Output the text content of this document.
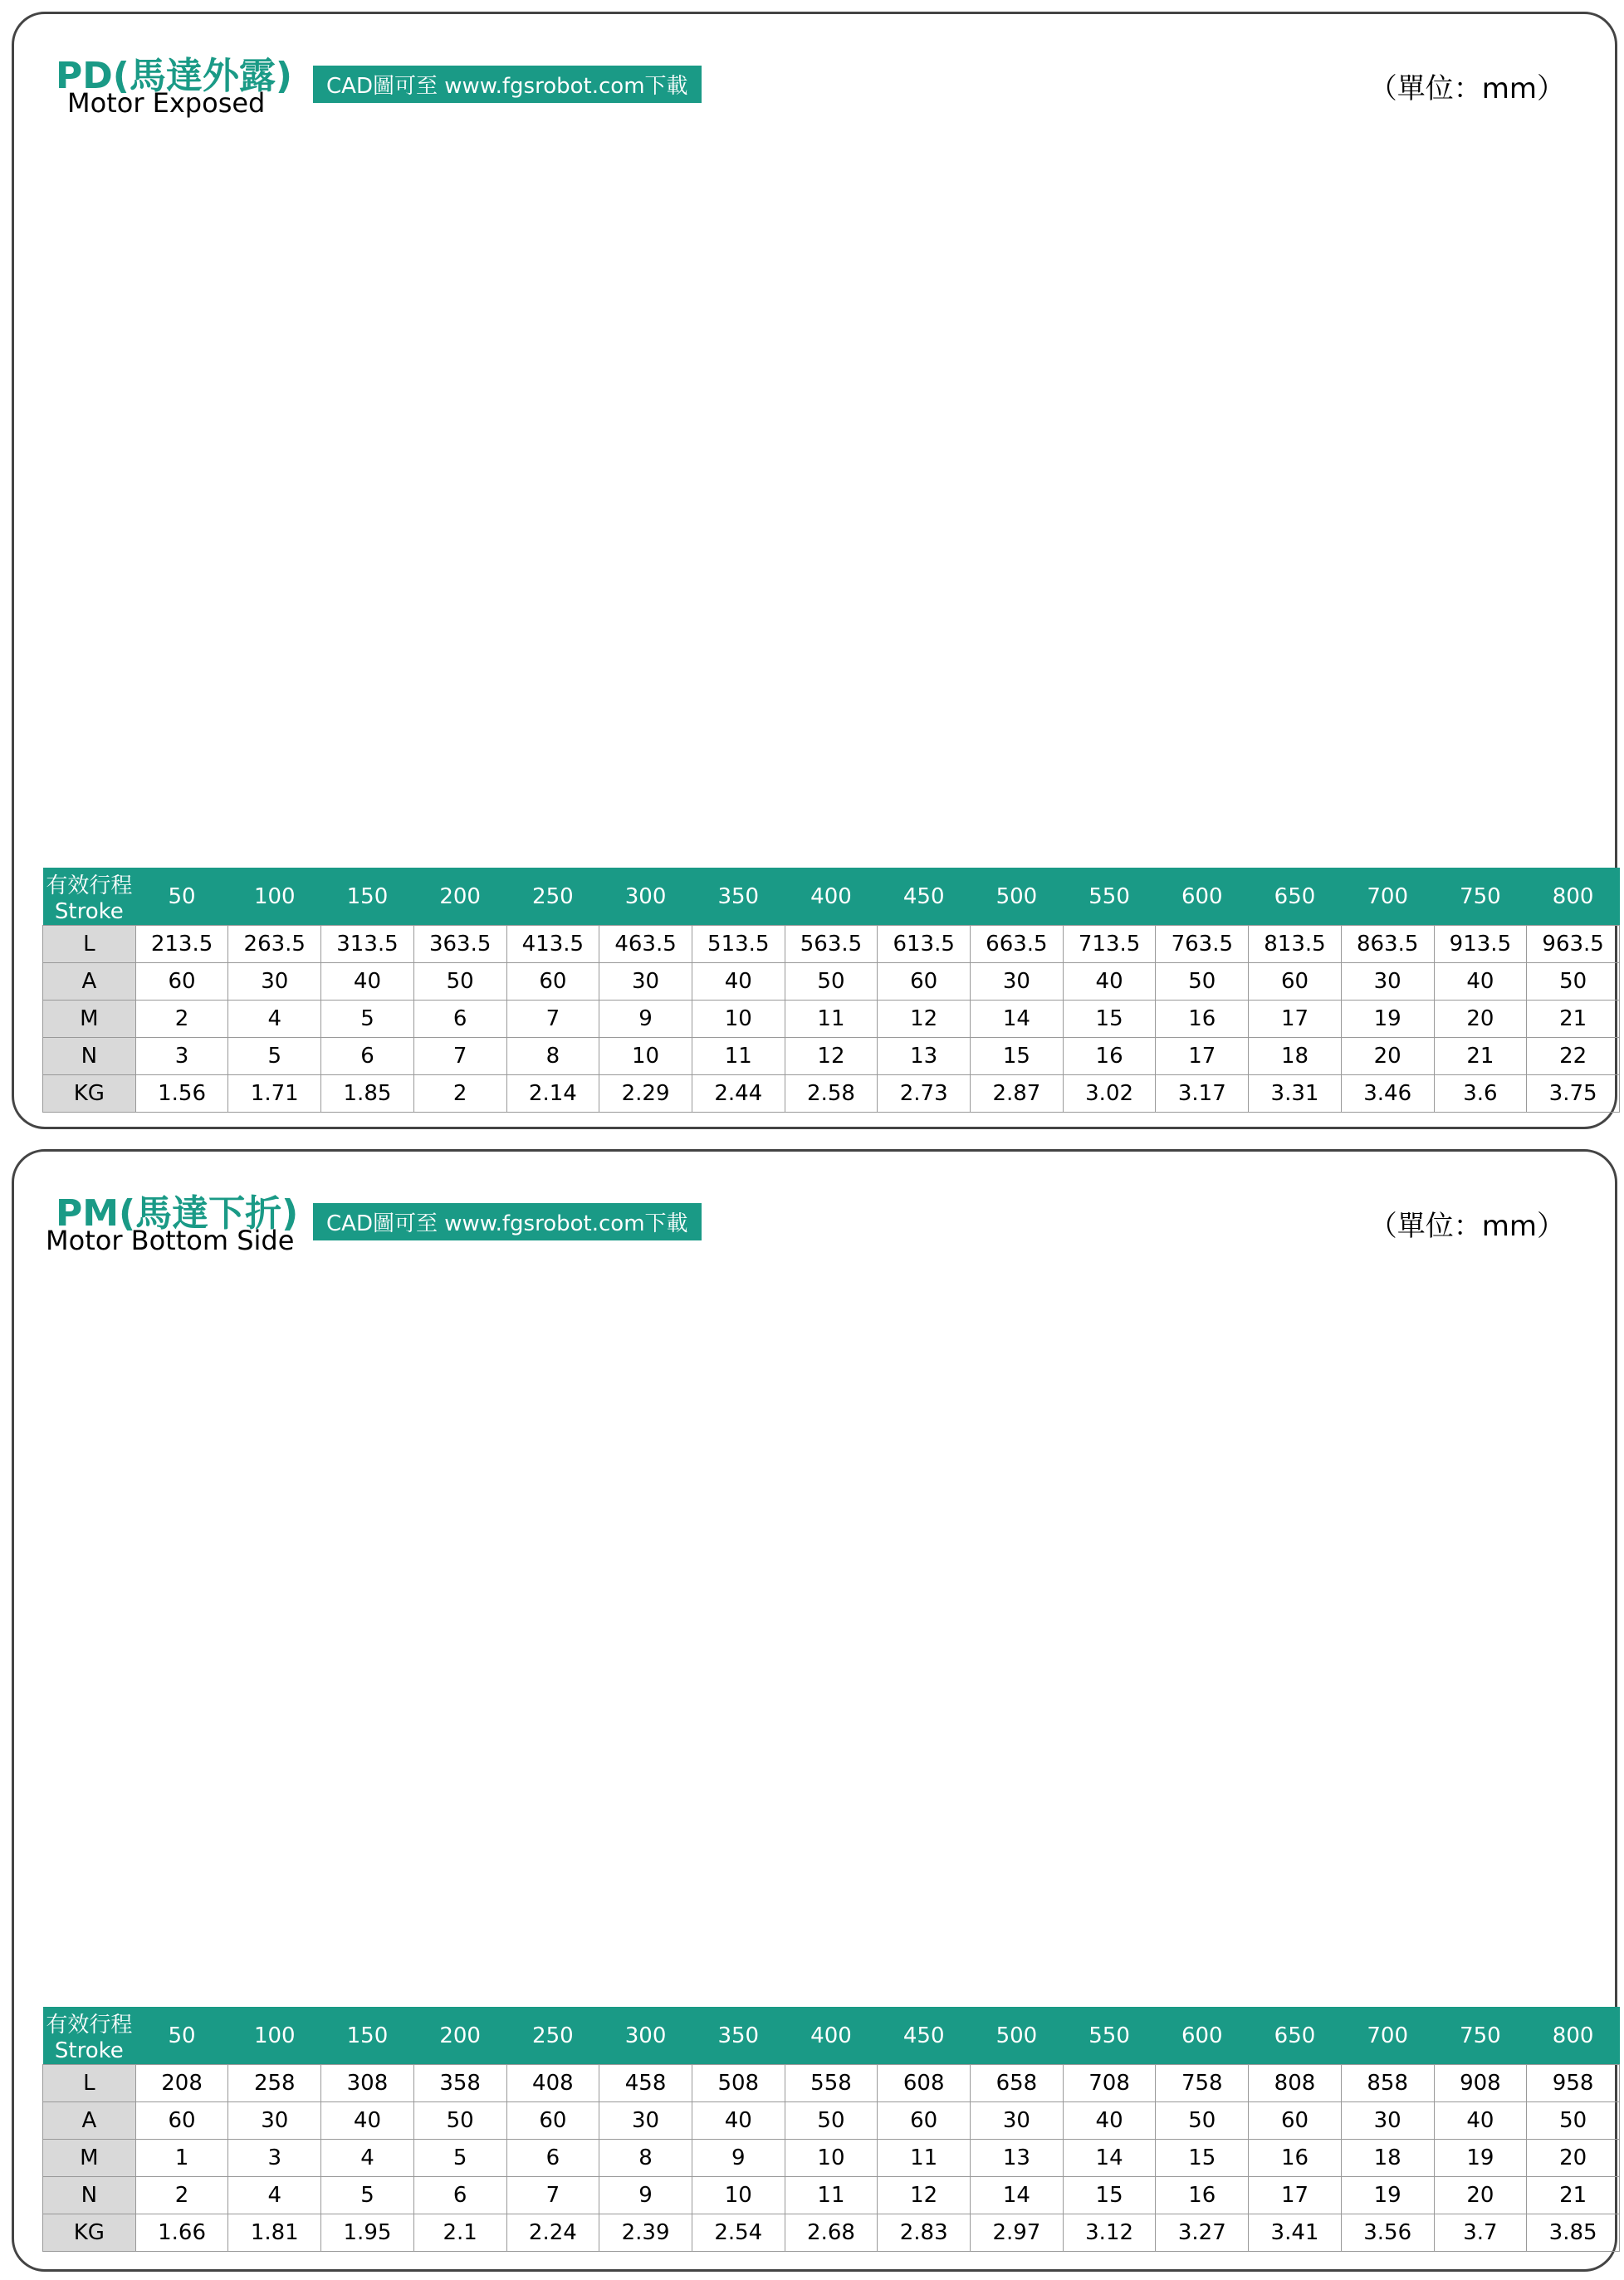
PD(馬達外露)
Motor Exposed
CAD圖可至 www.fgsrobot.com下載	（單位：mm）
有效行程 Stroke	50	100	150	200	250	300	350	400	450	500	550	600	650	700	750	800
L	213.5	263.5	313.5	363.5	413.5	463.5	513.5	563.5	613.5	663.5	713.5	763.5	813.5	863.5	913.5	963.5
A	60	30	40	50	60	30	40	50	60	30	40	50	60	30	40	50
M	2	4	5	6	7	9	10	11	12	14	15	16	17	19	20	21
N	3	5	6	7	8	10	11	12	13	15	16	17	18	20	21	22
KG	1.56	1.71	1.85	2	2.14	2.29	2.44	2.58	2.73	2.87	3.02	3.17	3.31	3.46	3.6	3.75
PM(馬達下折)
Motor Bottom Side
CAD圖可至 www.fgsrobot.com下載	（單位：mm）
有效行程 Stroke	50	100	150	200	250	300	350	400	450	500	550	600	650	700	750	800
L	208	258	308	358	408	458	508	558	608	658	708	758	808	858	908	958
A	60	30	40	50	60	30	40	50	60	30	40	50	60	30	40	50
M	1	3	4	5	6	8	9	10	11	13	14	15	16	18	19	20
N	2	4	5	6	7	9	10	11	12	14	15	16	17	19	20	21
KG	1.66	1.81	1.95	2.1	2.24	2.39	2.54	2.68	2.83	2.97	3.12	3.27	3.41	3.56	3.7	3.85
